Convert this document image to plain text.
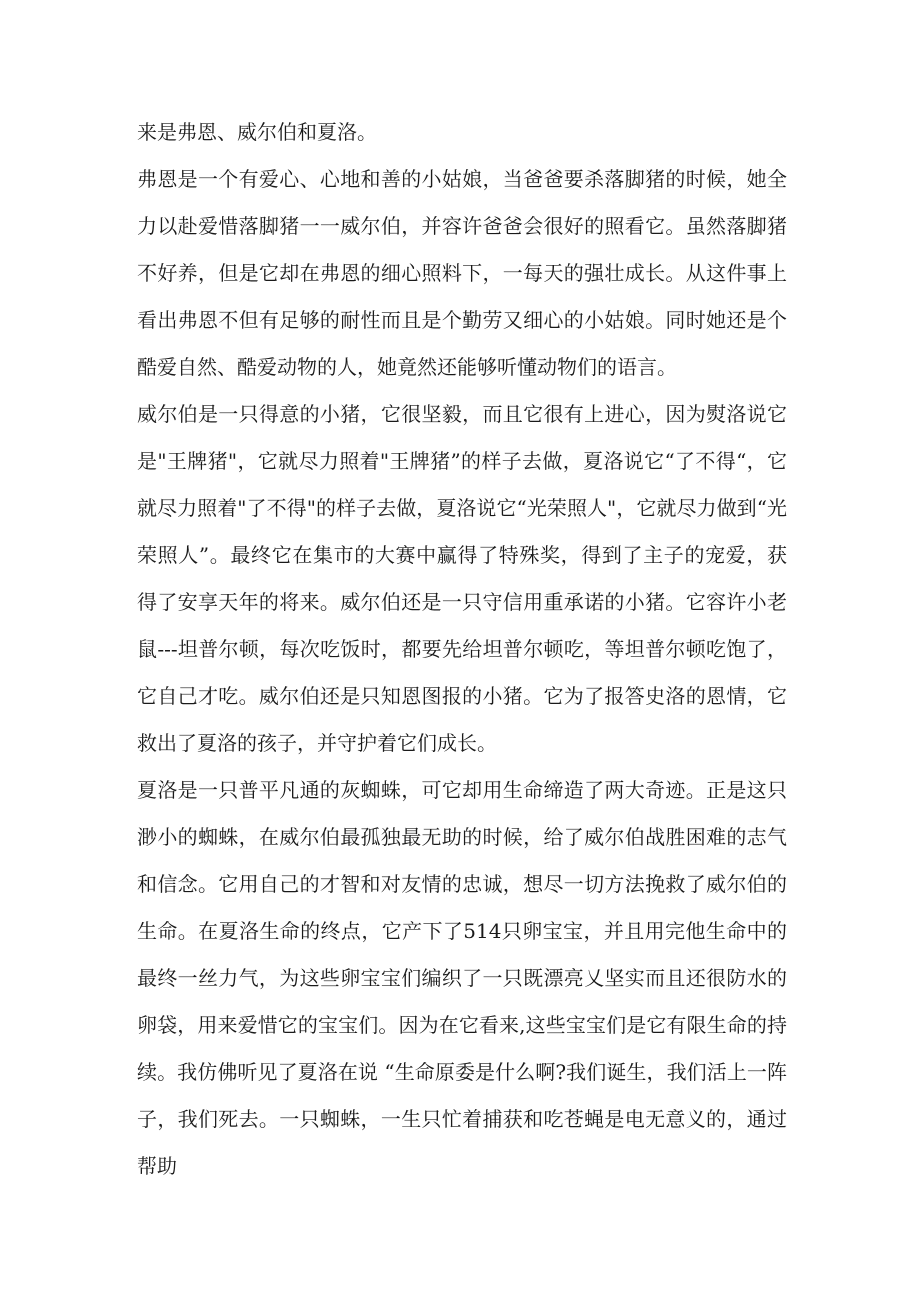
来是弗恩、威尔伯和夏洛。

弗恩是一个有爱心、心地和善的小姑娘，当爸爸要杀落脚猪的时候，她全力以赴爱惜落脚猪一一威尔伯，并容许爸爸会很好的照看它。虽然落脚猪不好养，但是它却在弗恩的细心照料下，一每天的强壮成长。从这件事上看出弗恩不但有足够的耐性而且是个勤劳又细心的小姑娘。同时她还是个酷爱自然、酷爱动物的人，她竟然还能够听懂动物们的语言。

威尔伯是一只得意的小猪，它很坚毅，而且它很有上进心，因为熨洛说它是"王牌猪"，它就尽力照着"王牌猪”的样子去做，夏洛说它“了不得“，它就尽力照着"了不得"的样子去做，夏洛说它“光荣照人"，它就尽力做到“光荣照人”。最终它在集市的大赛中赢得了特殊奖，得到了主子的宠爱，获得了安享天年的将来。威尔伯还是一只守信用重承诺的小猪。它容许小老鼠---坦普尔顿，每次吃饭时，都要先给坦普尔顿吃，等坦普尔顿吃饱了，它自己才吃。威尔伯还是只知恩图报的小猪。它为了报答史洛的恩情，它救出了夏洛的孩子，并守护着它们成长。

夏洛是一只普平凡通的灰蜘蛛，可它却用生命缔造了两大奇迹。正是这只渺小的蜘蛛，在威尔伯最孤独最无助的时候，给了威尔伯战胜困难的志气和信念。它用自己的才智和对友情的忠诚，想尽一切方法挽救了威尔伯的生命。在夏洛生命的终点，它产下了514只卵宝宝，并且用完他生命中的最终一丝力气，为这些卵宝宝们编织了一只既漂亮乂坚实而且还很防水的卵袋，用来爱惜它的宝宝们。因为在它看来,这些宝宝们是它有限生命的持续。我仿佛听见了夏洛在说 “生命原委是什么啊?我们诞生，我们活上一阵子，我们死去。一只蜘蛛，一生只忙着捕获和吃苍蝇是电无意义的，通过帮助
